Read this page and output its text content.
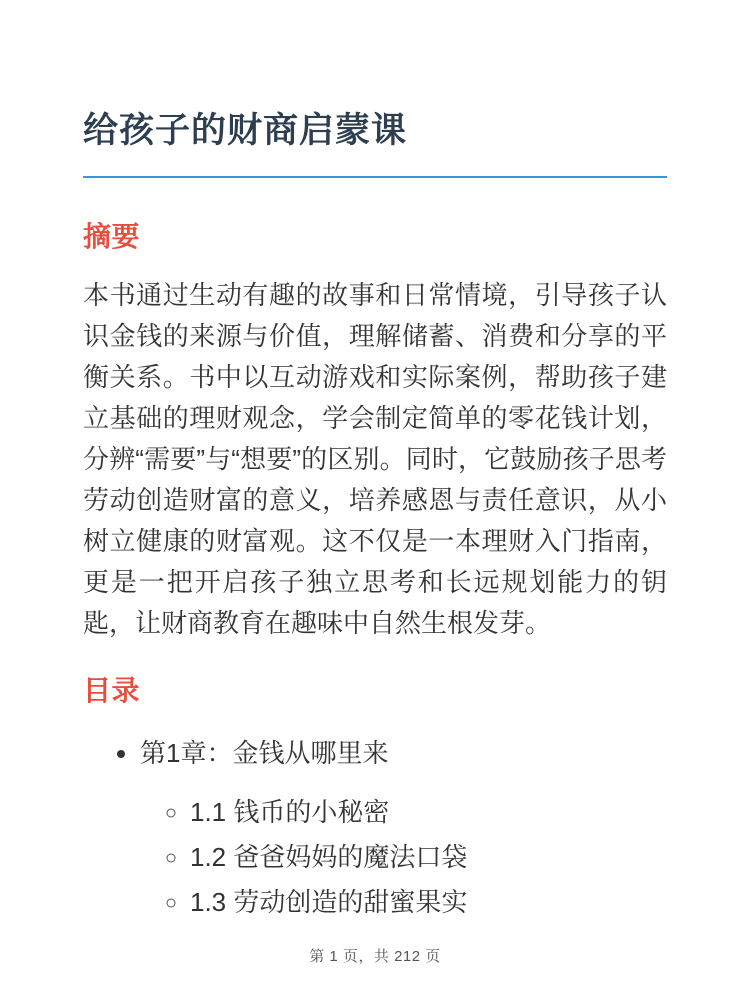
给孩子的财商启蒙课
摘要

本书通过生动有趣的故事和日常情境，引导孩子认识金钱的来源与价值，理解储蓄、消费和分享的平衡关系。书中以互动游戏和实际案例，帮助孩子建立基础的理财观念，学会制定简单的零花钱计划，分辨“需要”与“想要”的区别。同时，它鼓励孩子思考劳动创造财富的意义，培养感恩与责任意识，从小树立健康的财富观。这不仅是一本理财入门指南，更是一把开启孩子独立思考和长远规划能力的钥匙，让财商教育在趣味中自然生根发芽。

目录
• 第1章：金钱从哪里来
◦ 1.1 钱币的小秘密
◦ 1.2 爸爸妈妈的魔法口袋
◦ 1.3 劳动创造的甜蜜果实
第 1 页，共 212 页
